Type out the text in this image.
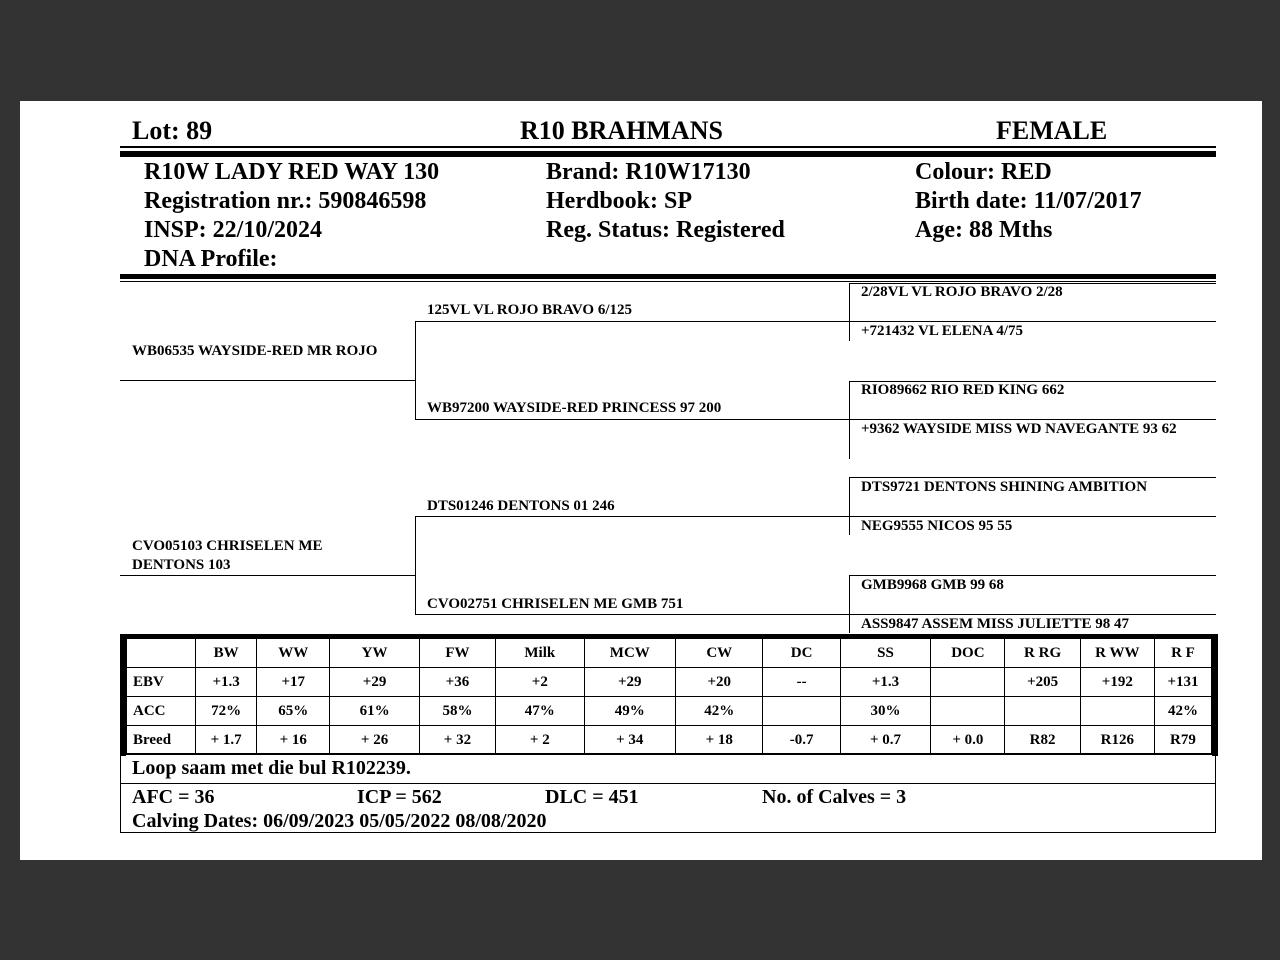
Lot: 89	R10 BRAHMANS	FEMALE
R10W LADY RED WAY 130
Registration nr.: 590846598
INSP: 22/10/2024
DNA Profile:
Brand: R10W17130
Herdbook: SP
Reg. Status: Registered
Colour: RED
Birth date: 11/07/2017
Age: 88 Mths
WB06535 WAYSIDE-RED MR ROJO
CVO05103 CHRISELEN ME DENTONS 103
125VL VL ROJO BRAVO 6/125
WB97200 WAYSIDE-RED PRINCESS 97 200
DTS01246 DENTONS 01 246
CVO02751 CHRISELEN ME GMB 751
2/28VL VL ROJO BRAVO 2/28
+721432 VL ELENA 4/75
RIO89662 RIO RED KING 662
+9362 WAYSIDE MISS WD NAVEGANTE 93 62
DTS9721 DENTONS SHINING AMBITION
NEG9555 NICOS 95 55
GMB9968 GMB 99 68
ASS9847 ASSEM MISS JULIETTE 98 47
	BW	WW	YW	FW	Milk	MCW	CW	DC	SS	DOC	R RG	R WW	R F
EBV	+1.3	+17	+29	+36	+2	+29	+20	--	+1.3		+205	+192	+131
ACC	72%	65%	61%	58%	47%	49%	42%		30%				42%
Breed	+ 1.7	+ 16	+ 26	+ 32	+ 2	+ 34	+ 18	-0.7	+ 0.7	+ 0.0	R82	R126	R79
Loop saam met die bul R102239.
AFC = 36	ICP = 562	DLC = 451	No. of Calves = 3
Calving Dates: 06/09/2023 05/05/2022 08/08/2020
